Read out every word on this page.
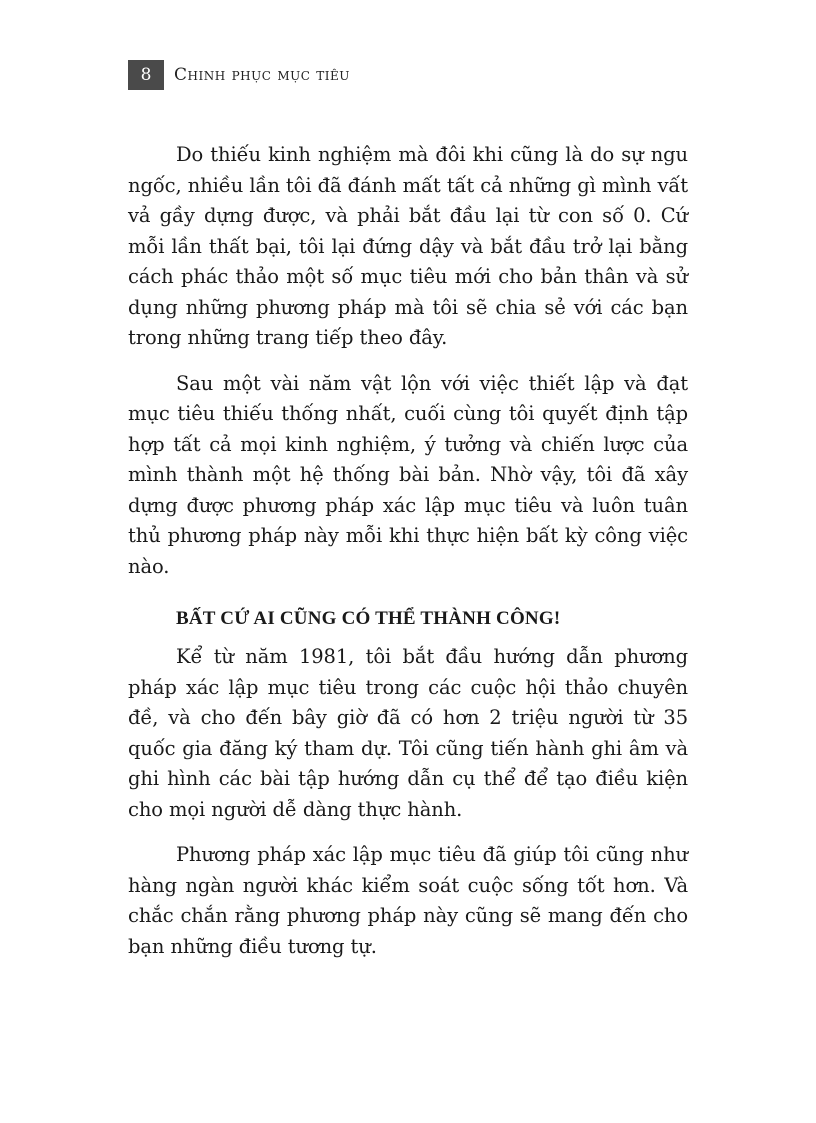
8	Chinh phục mục tiêu

Do thiếu kinh nghiệm mà đôi khi cũng là do sự ngu ngốc, nhiều lần tôi đã đánh mất tất cả những gì mình vất vả gầy dựng được, và phải bắt đầu lại từ con số 0. Cứ mỗi lần thất bại, tôi lại đứng dậy và bắt đầu trở lại bằng cách phác thảo một số mục tiêu mới cho bản thân và sử dụng những phương pháp mà tôi sẽ chia sẻ với các bạn trong những trang tiếp theo đây.

Sau một vài năm vật lộn với việc thiết lập và đạt mục tiêu thiếu thống nhất, cuối cùng tôi quyết định tập hợp tất cả mọi kinh nghiệm, ý tưởng và chiến lược của mình thành một hệ thống bài bản. Nhờ vậy, tôi đã xây dựng được phương pháp xác lập mục tiêu và luôn tuân thủ phương pháp này mỗi khi thực hiện bất kỳ công việc nào.

BẤT CỨ AI CŨNG CÓ THỂ THÀNH CÔNG!

Kể từ năm 1981, tôi bắt đầu hướng dẫn phương pháp xác lập mục tiêu trong các cuộc hội thảo chuyên đề, và cho đến bây giờ đã có hơn 2 triệu người từ 35 quốc gia đăng ký tham dự. Tôi cũng tiến hành ghi âm và ghi hình các bài tập hướng dẫn cụ thể để tạo điều kiện cho mọi người dễ dàng thực hành.

Phương pháp xác lập mục tiêu đã giúp tôi cũng như hàng ngàn người khác kiểm soát cuộc sống tốt hơn. Và chắc chắn rằng phương pháp này cũng sẽ mang đến cho bạn những điều tương tự.
